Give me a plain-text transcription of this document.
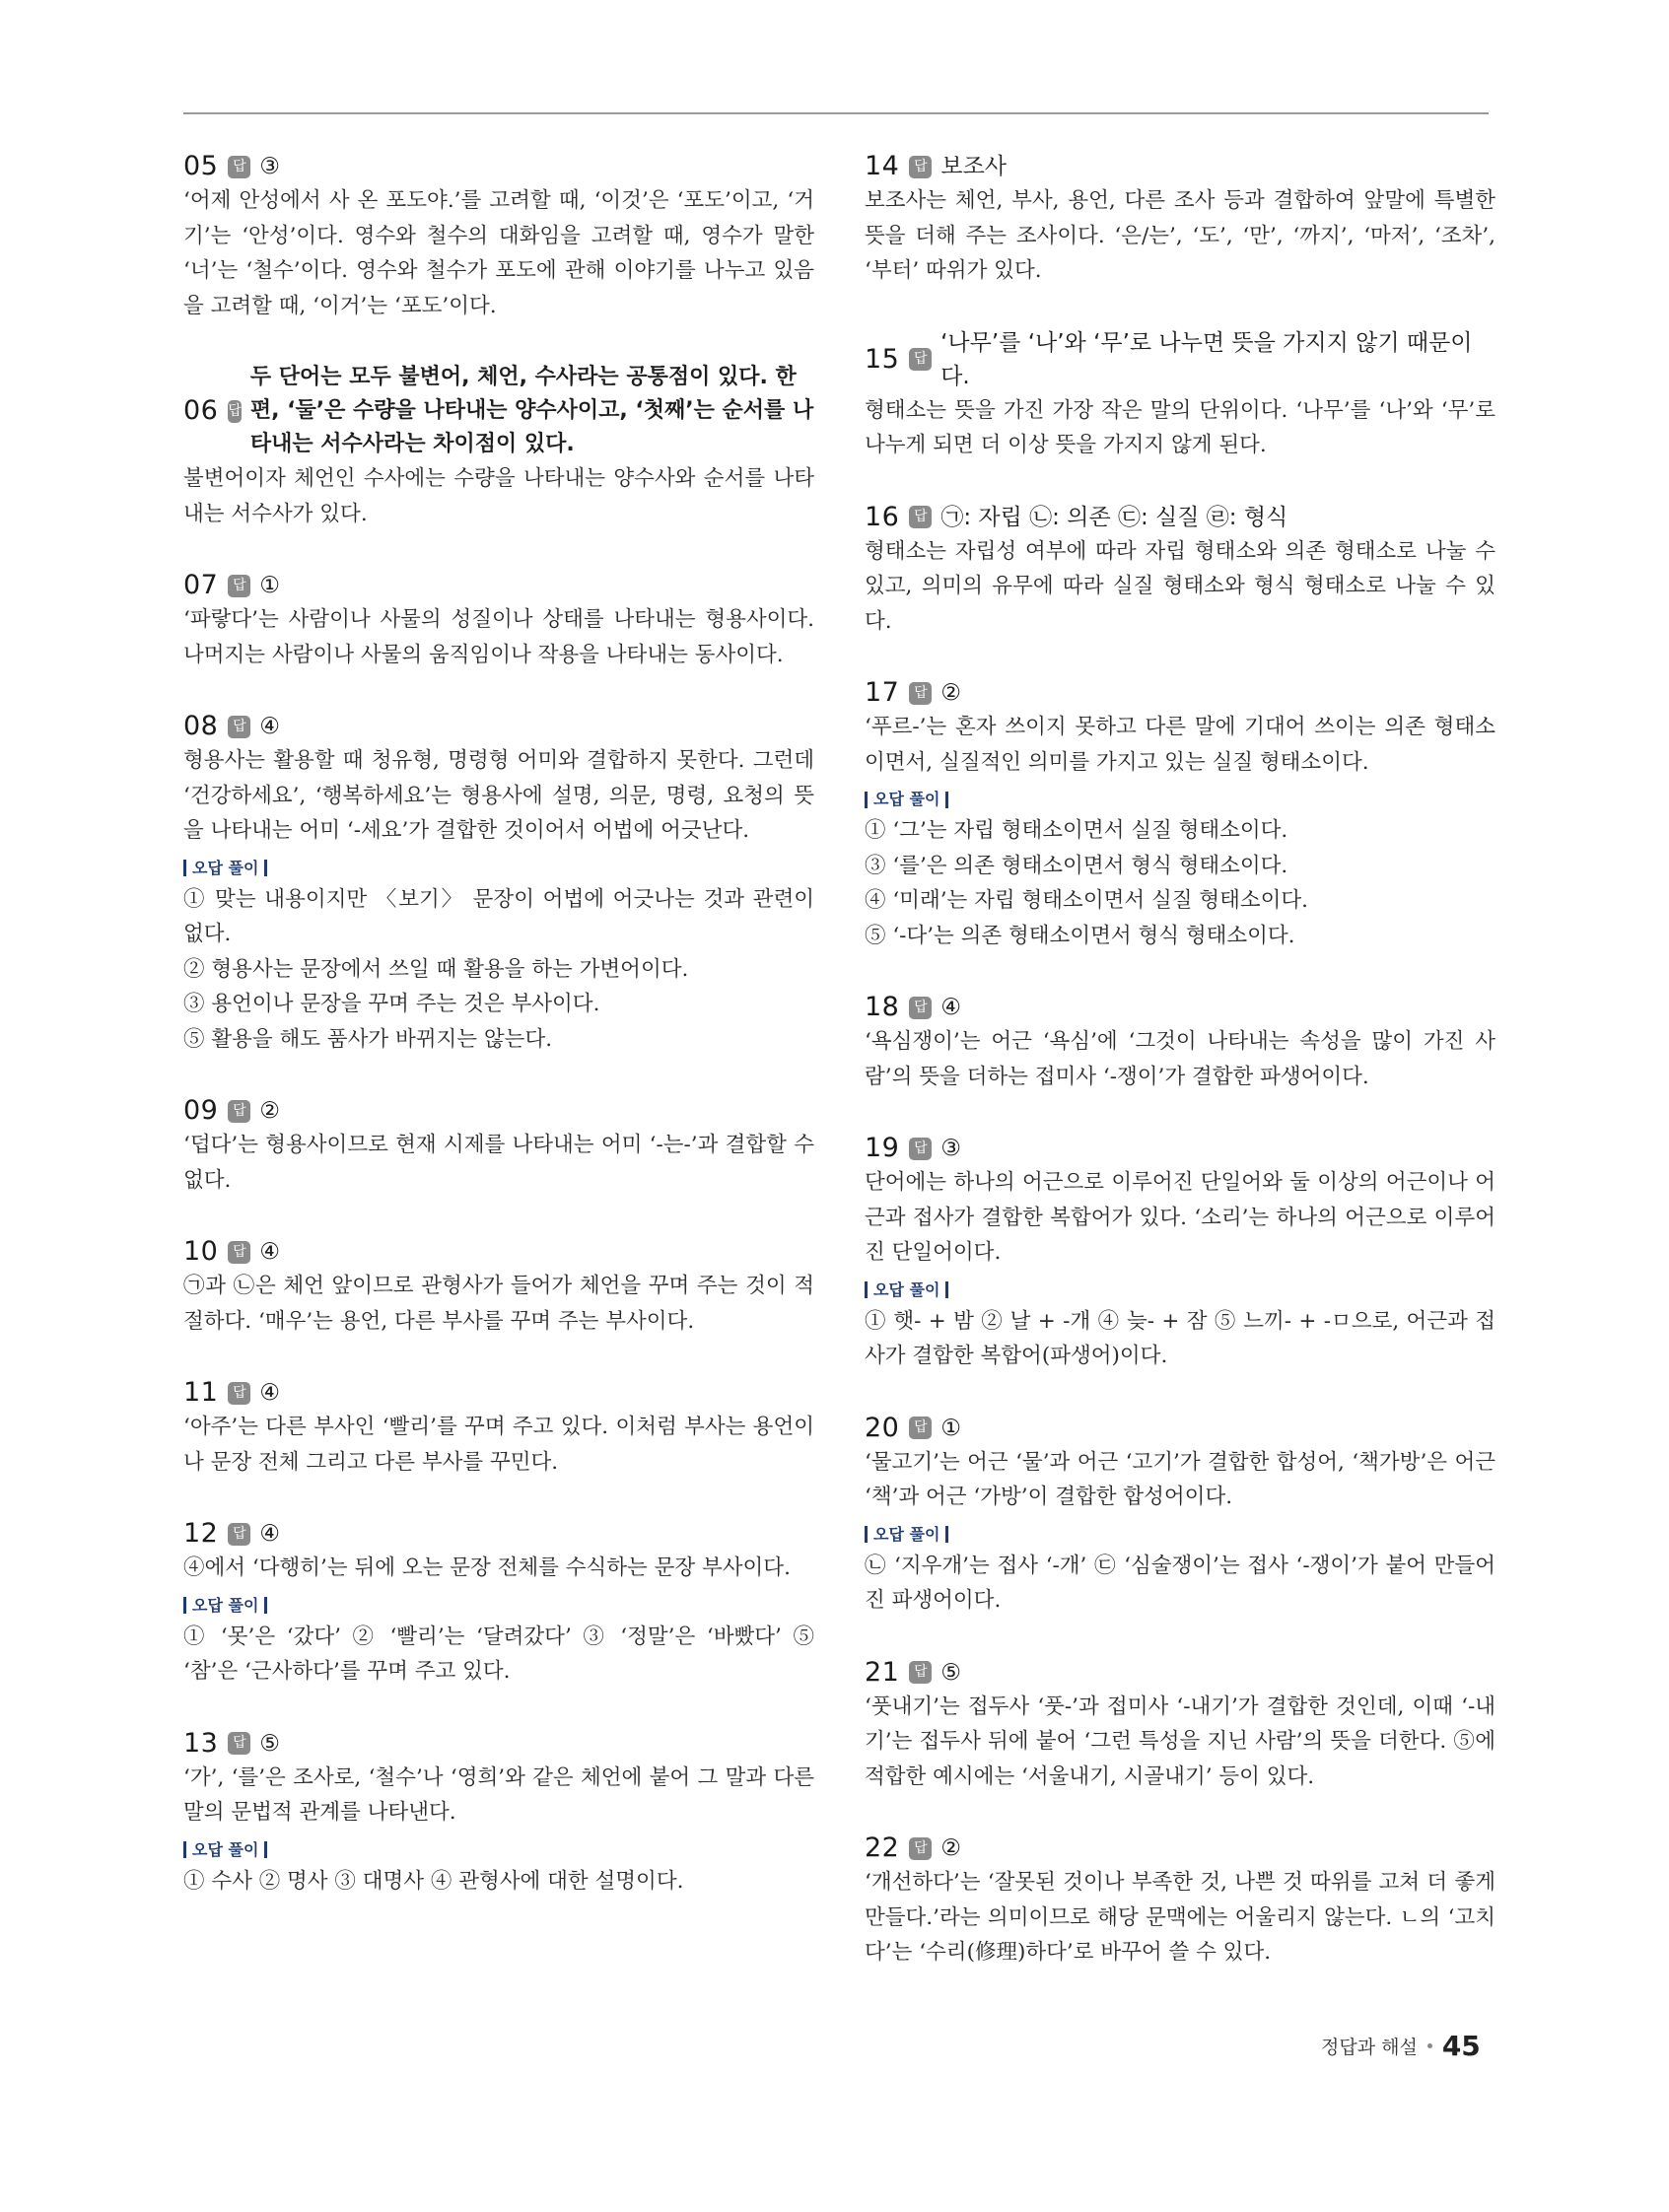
05	답 ③

‘어제 안성에서 사 온 포도야.’를 고려할 때, ‘이것’은 ‘포도’이고, ‘거기’는 ‘안성’이다. 영수와 철수의 대화임을 고려할 때, 영수가 말한 ‘너’는 ‘철수’이다. 영수와 철수가 포도에 관해 이야기를 나누고 있음을 고려할 때, ‘이거’는 ‘포도’이다.

06 답
두 단어는 모두 불변어, 체언, 수사라는 공통점이 있다. 한편, ‘둘’은 수량을 나타내는 양수사이고, ‘첫째’는 순서를 나타내는 서수사라는 차이점이 있다.

불변어이자 체언인 수사에는 수량을 나타내는 양수사와 순서를 나타내는 서수사가 있다.

07	답 ①

‘파랗다’는 사람이나 사물의 성질이나 상태를 나타내는 형용사이다. 나머지는 사람이나 사물의 움직임이나 작용을 나타내는 동사이다.

08	답 ④

형용사는 활용할 때 청유형, 명령형 어미와 결합하지 못한다. 그런데 ‘건강하세요’, ‘행복하세요’는 형용사에 설명, 의문, 명령, 요청의 뜻을 나타내는 어미 ‘-세요’가 결합한 것이어서 어법에 어긋난다.

오답 풀이

① 맞는 내용이지만 〈보기〉 문장이 어법에 어긋나는 것과 관련이 없다.

② 형용사는 문장에서 쓰일 때 활용을 하는 가변어이다.

③ 용언이나 문장을 꾸며 주는 것은 부사이다.

⑤ 활용을 해도 품사가 바뀌지는 않는다.

09	답 ②

‘덥다’는 형용사이므로 현재 시제를 나타내는 어미 ‘-는-’과 결합할 수 없다.

10	답 ④

㉠과 ㉡은 체언 앞이므로 관형사가 들어가 체언을 꾸며 주는 것이 적절하다. ‘매우’는 용언, 다른 부사를 꾸며 주는 부사이다.

11	답 ④

‘아주’는 다른 부사인 ‘빨리’를 꾸며 주고 있다. 이처럼 부사는 용언이나 문장 전체 그리고 다른 부사를 꾸민다.

12	답 ④

④에서 ‘다행히’는 뒤에 오는 문장 전체를 수식하는 문장 부사이다.

오답 풀이

① ‘못’은 ‘갔다’ ② ‘빨리’는 ‘달려갔다’ ③ ‘정말’은 ‘바빴다’ ⑤ ‘참’은 ‘근사하다’를 꾸며 주고 있다.

13	답 ⑤

‘가’, ‘를’은 조사로, ‘철수’나 ‘영희’와 같은 체언에 붙어 그 말과 다른 말의 문법적 관계를 나타낸다.

오답 풀이

① 수사 ② 명사 ③ 대명사 ④ 관형사에 대한 설명이다.

14	답 보조사

보조사는 체언, 부사, 용언, 다른 조사 등과 결합하여 앞말에 특별한 뜻을 더해 주는 조사이다. ‘은/는’, ‘도’, ‘만’, ‘까지’, ‘마저’, ‘조차’, ‘부터’ 따위가 있다.

15	답
‘나무’를 ‘나’와 ‘무’로 나누면 뜻을 가지지 않기 때문이다.

형태소는 뜻을 가진 가장 작은 말의 단위이다. ‘나무’를 ‘나’와 ‘무’로 나누게 되면 더 이상 뜻을 가지지 않게 된다.

16	답 ㉠: 자립 ㉡: 의존 ㉢: 실질 ㉣: 형식

형태소는 자립성 여부에 따라 자립 형태소와 의존 형태소로 나눌 수 있고, 의미의 유무에 따라 실질 형태소와 형식 형태소로 나눌 수 있다.

17	답 ②

‘푸르-’는 혼자 쓰이지 못하고 다른 말에 기대어 쓰이는 의존 형태소이면서, 실질적인 의미를 가지고 있는 실질 형태소이다.

오답 풀이

① ‘그’는 자립 형태소이면서 실질 형태소이다.

③ ‘를’은 의존 형태소이면서 형식 형태소이다.

④ ‘미래’는 자립 형태소이면서 실질 형태소이다.

⑤ ‘-다’는 의존 형태소이면서 형식 형태소이다.

18	답 ④

‘욕심쟁이’는 어근 ‘욕심’에 ‘그것이 나타내는 속성을 많이 가진 사람’의 뜻을 더하는 접미사 ‘-쟁이’가 결합한 파생어이다.

19	답 ③

단어에는 하나의 어근으로 이루어진 단일어와 둘 이상의 어근이나 어근과 접사가 결합한 복합어가 있다. ‘소리’는 하나의 어근으로 이루어진 단일어이다.

오답 풀이

① 햇- + 밤 ② 날 + -개 ④ 늦- + 잠 ⑤ 느끼- + -ㅁ으로, 어근과 접사가 결합한 복합어(파생어)이다.

20	답 ①

‘물고기’는 어근 ‘물’과 어근 ‘고기’가 결합한 합성어, ‘책가방’은 어근 ‘책’과 어근 ‘가방’이 결합한 합성어이다.

오답 풀이

㉡ ‘지우개’는 접사 ‘-개’ ㉢ ‘심술쟁이’는 접사 ‘-쟁이’가 붙어 만들어진 파생어이다.

21	답 ⑤

‘풋내기’는 접두사 ‘풋-’과 접미사 ‘-내기’가 결합한 것인데, 이때 ‘-내기’는 접두사 뒤에 붙어 ‘그런 특성을 지닌 사람’의 뜻을 더한다. ⑤에 적합한 예시에는 ‘서울내기, 시골내기’ 등이 있다.

22	답 ②

‘개선하다’는 ‘잘못된 것이나 부족한 것, 나쁜 것 따위를 고쳐 더 좋게 만들다.’라는 의미이므로 해당 문맥에는 어울리지 않는다. ㄴ의 ‘고치다’는 ‘수리(修理)하다’로 바꾸어 쓸 수 있다.

정답과 해설 45
